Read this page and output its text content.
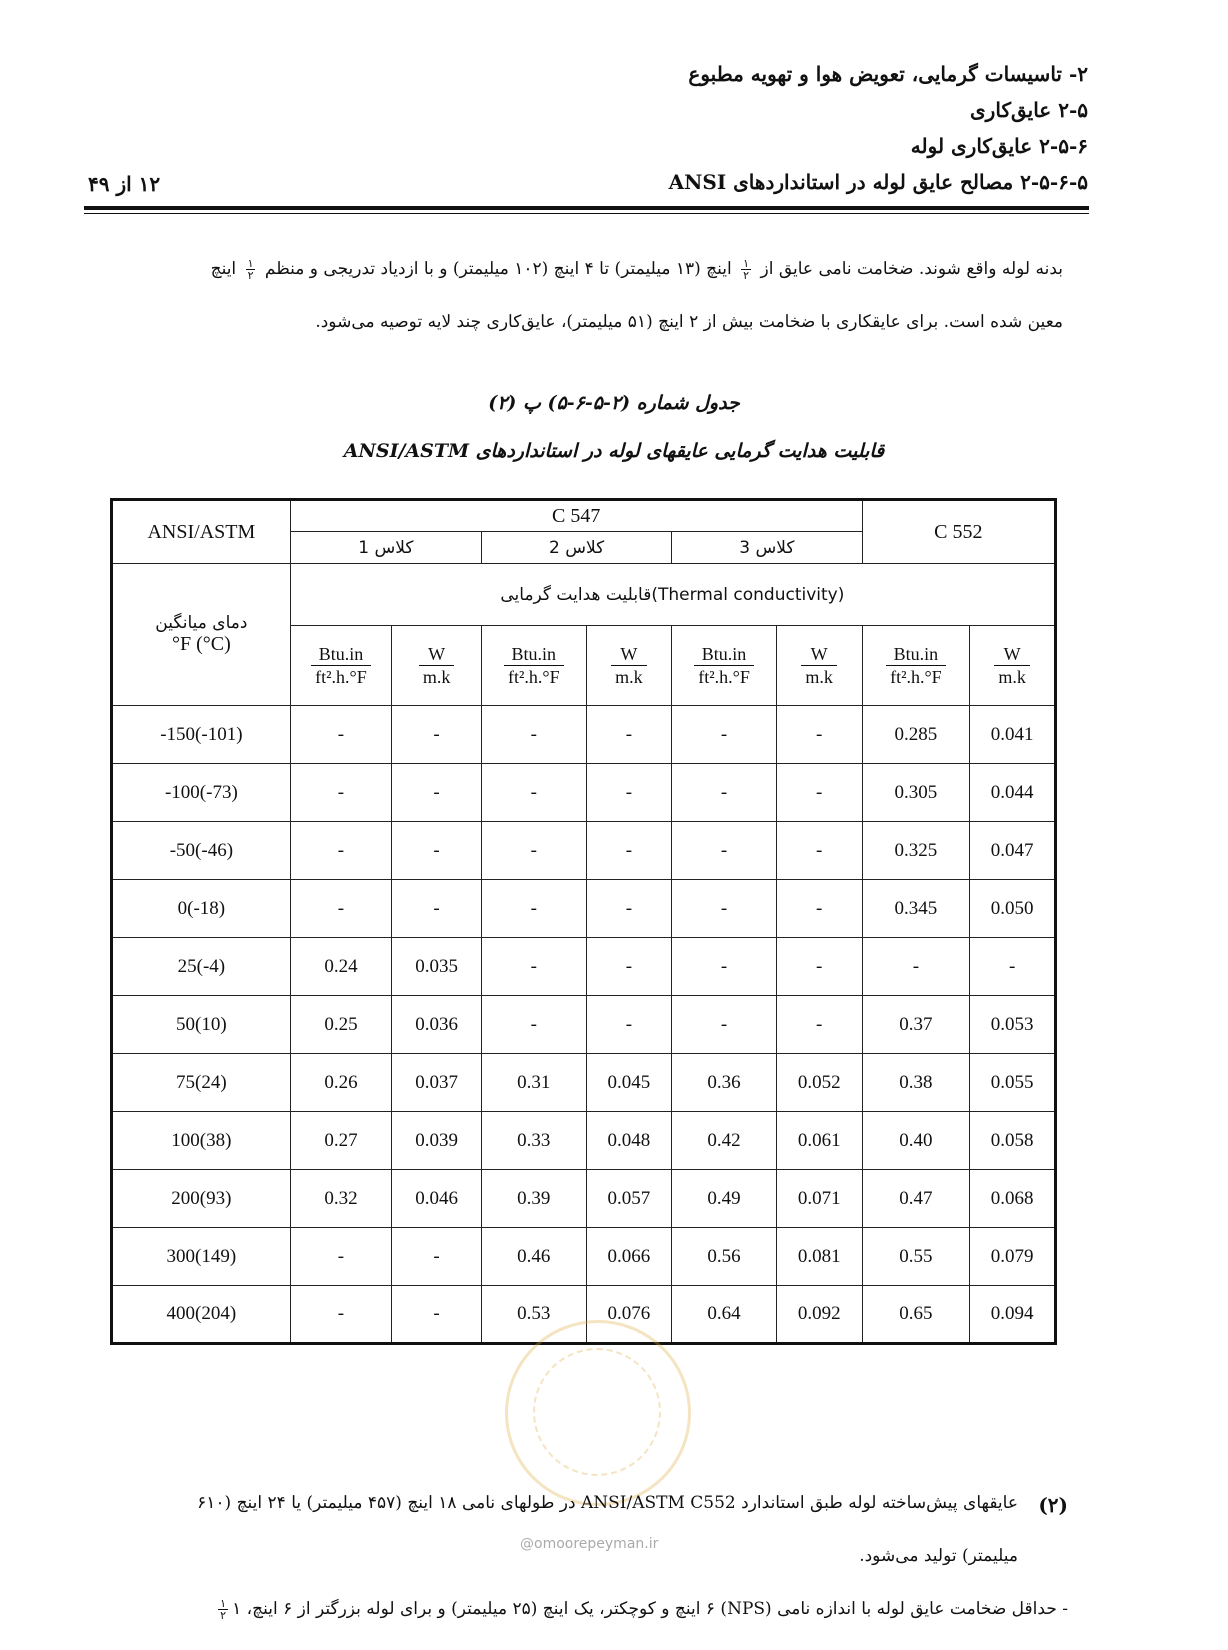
۲- تاسیسات گرمایی، تعویض هوا و تهویه مطبوع
۲-۵ عایق‌کاری
۲-۵-۶ عایق‌کاری لوله
۲-۵-۶-۵ مصالح عایق لوله در استانداردهای ANSI
۱۲ از ۴۹
بدنه لوله واقع شوند. ضخامت نامی عایق از
$\frac{۱}{۲}$
اینچ (۱۳ میلیمتر) تا ۴ اینچ (۱۰۲ میلیمتر) و با ازدیاد تدریجی و منظم
$\frac{۱}{۲}$
اینچ
معین شده است. برای عایقکاری با ضخامت بیش از ۲ اینچ (۵۱ میلیمتر)، عایق‌کاری چند لایه توصیه می‌شود.
جدول شماره (۲-۵-۶-۵) پ (۲)
قابلیت هدایت گرمایی عایقهای لوله در استانداردهای ANSI/ASTM
ANSI/ASTM	C 547						C 552	
	کلاس 1		کلاس 2		کلاس 3			

دمای میانگین
°F (°C)	قابلیت هدایت گرمایی(Thermal conductivity)							

	$\frac{\text{Btu.in}}{\text{ft².h.°F}}$	$\frac{W}{m.k}$	$\frac{\text{Btu.in}}{\text{ft².h.°F}}$	$\frac{W}{m.k}$	$\frac{\text{Btu.in}}{\text{ft².h.°F}}$	$\frac{W}{m.k}$	$\frac{\text{Btu.in}}{\text{ft².h.°F}}$	$\frac{W}{m.k}$

-150(-101)	-	-	-	-	-	-	0.285	0.041
-100(-73)	-	-	-	-	-	-	0.305	0.044
-50(-46)	-	-	-	-	-	-	0.325	0.047
0(-18)	-	-	-	-	-	-	0.345	0.050
25(-4)	0.24	0.035	-	-	-	-	-	-
50(10)	0.25	0.036	-	-	-	-	0.37	0.053
75(24)	0.26	0.037	0.31	0.045	0.36	0.052	0.38	0.055
100(38)	0.27	0.039	0.33	0.048	0.42	0.061	0.40	0.058
200(93)	0.32	0.046	0.39	0.057	0.49	0.071	0.47	0.068
300(149)	-	-	0.46	0.066	0.56	0.081	0.55	0.079
400(204)	-	-	0.53	0.076	0.64	0.092	0.65	0.094
@omoorepeyman.ir
(۲)
عایقهای پیش‌ساخته لوله طبق استاندارد ANSI/ASTM C552 در طولهای نامی ۱۸ اینچ (۴۵۷ میلیمتر) یا ۲۴ اینچ (۶۱۰
میلیمتر) تولید می‌شود.
- حداقل ضخامت عایق لوله با اندازه نامی (NPS) ۶ اینچ و کوچکتر، یک اینچ (۲۵ میلیمتر) و برای لوله بزرگتر از ۶ اینچ، ۱
$\frac{۱}{۲}$
